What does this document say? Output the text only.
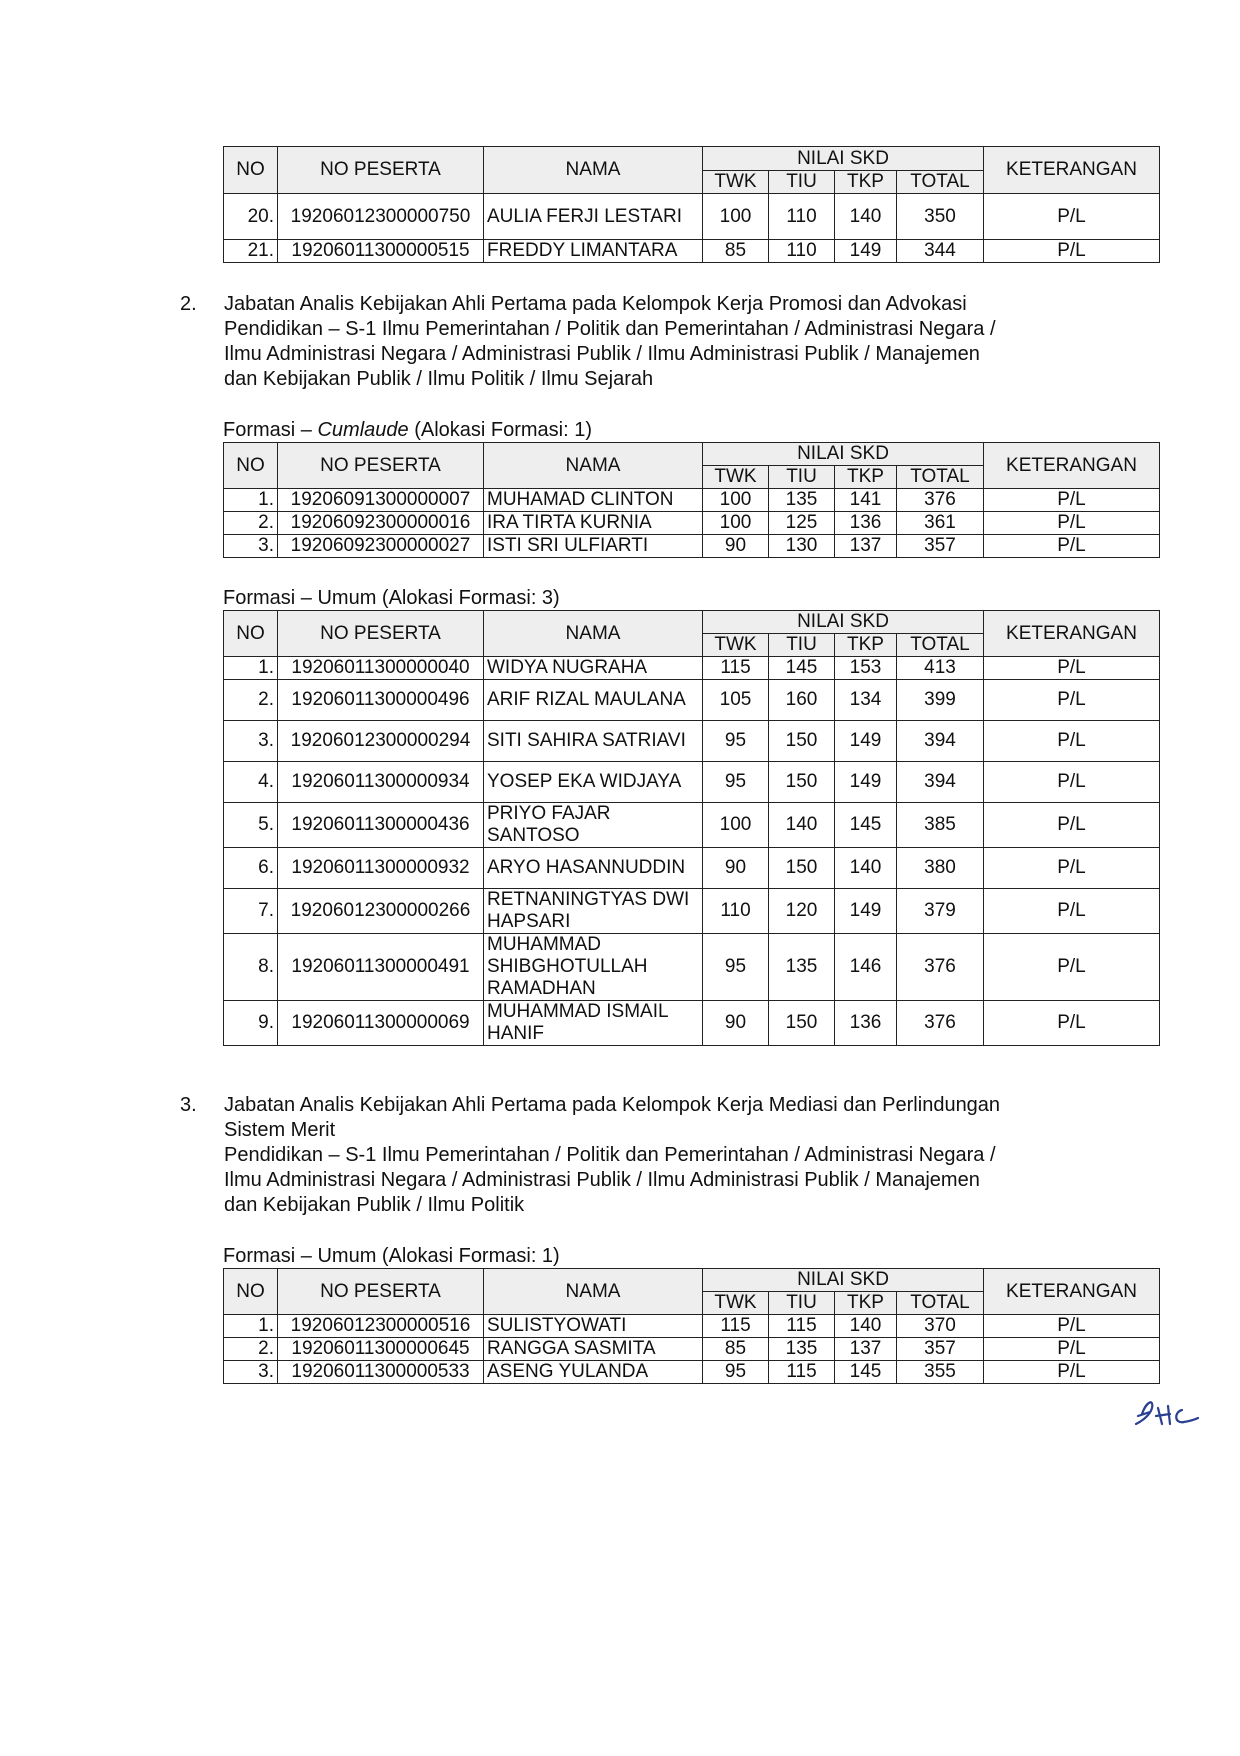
NO	NO PESERTA	NAMA	NILAI SKD				KETERANGAN
			TWK	TIU	TKP	TOTAL	
20.	19206012300000750	AULIA FERJI LESTARI	100	110	140	350	P/L
21.	19206011300000515	FREDDY LIMANTARA	85	110	149	344	P/L
2. Jabatan Analis Kebijakan Ahli Pertama pada Kelompok Kerja Promosi dan Advokasi

Pendidikan – S-1 Ilmu Pemerintahan / Politik dan Pemerintahan / Administrasi Negara /

Ilmu Administrasi Negara / Administrasi Publik / Ilmu Administrasi Publik / Manajemen

dan Kebijakan Publik / Ilmu Politik / Ilmu Sejarah

Formasi – Cumlaude (Alokasi Formasi: 1)
NO	NO PESERTA	NAMA	NILAI SKD				KETERANGAN
			TWK	TIU	TKP	TOTAL	
1.	19206091300000007	MUHAMAD CLINTON	100	135	141	376	P/L
2.	19206092300000016	IRA TIRTA KURNIA	100	125	136	361	P/L
3.	19206092300000027	ISTI SRI ULFIARTI	90	130	137	357	P/L
Formasi – Umum (Alokasi Formasi: 3)
NO	NO PESERTA	NAMA	NILAI SKD				KETERANGAN
			TWK	TIU	TKP	TOTAL	
1.	19206011300000040	WIDYA NUGRAHA	115	145	153	413	P/L
2.	19206011300000496	ARIF RIZAL MAULANA	105	160	134	399	P/L
3.	19206012300000294	SITI SAHIRA SATRIAVI	95	150	149	394	P/L
4.	19206011300000934	YOSEP EKA WIDJAYA	95	150	149	394	P/L
5.	19206011300000436	PRIYO FAJAR SANTOSO	100	140	145	385	P/L
6.	19206011300000932	ARYO HASANNUDDIN	90	150	140	380	P/L
7.	19206012300000266	RETNANINGTYAS DWI HAPSARI	110	120	149	379	P/L
8.	19206011300000491	MUHAMMAD SHIBGHOTULLAH RAMADHAN	95	135	146	376	P/L
9.	19206011300000069	MUHAMMAD ISMAIL HANIF	90	150	136	376	P/L
3. Jabatan Analis Kebijakan Ahli Pertama pada Kelompok Kerja Mediasi dan Perlindungan

Sistem Merit

Pendidikan – S-1 Ilmu Pemerintahan / Politik dan Pemerintahan / Administrasi Negara /

Ilmu Administrasi Negara / Administrasi Publik / Ilmu Administrasi Publik / Manajemen

dan Kebijakan Publik / Ilmu Politik

Formasi – Umum (Alokasi Formasi: 1)
NO	NO PESERTA	NAMA	NILAI SKD				KETERANGAN
			TWK	TIU	TKP	TOTAL	
1.	19206012300000516	SULISTYOWATI	115	115	140	370	P/L
2.	19206011300000645	RANGGA SASMITA	85	135	137	357	P/L
3.	19206011300000533	ASENG YULANDA	95	115	145	355	P/L
